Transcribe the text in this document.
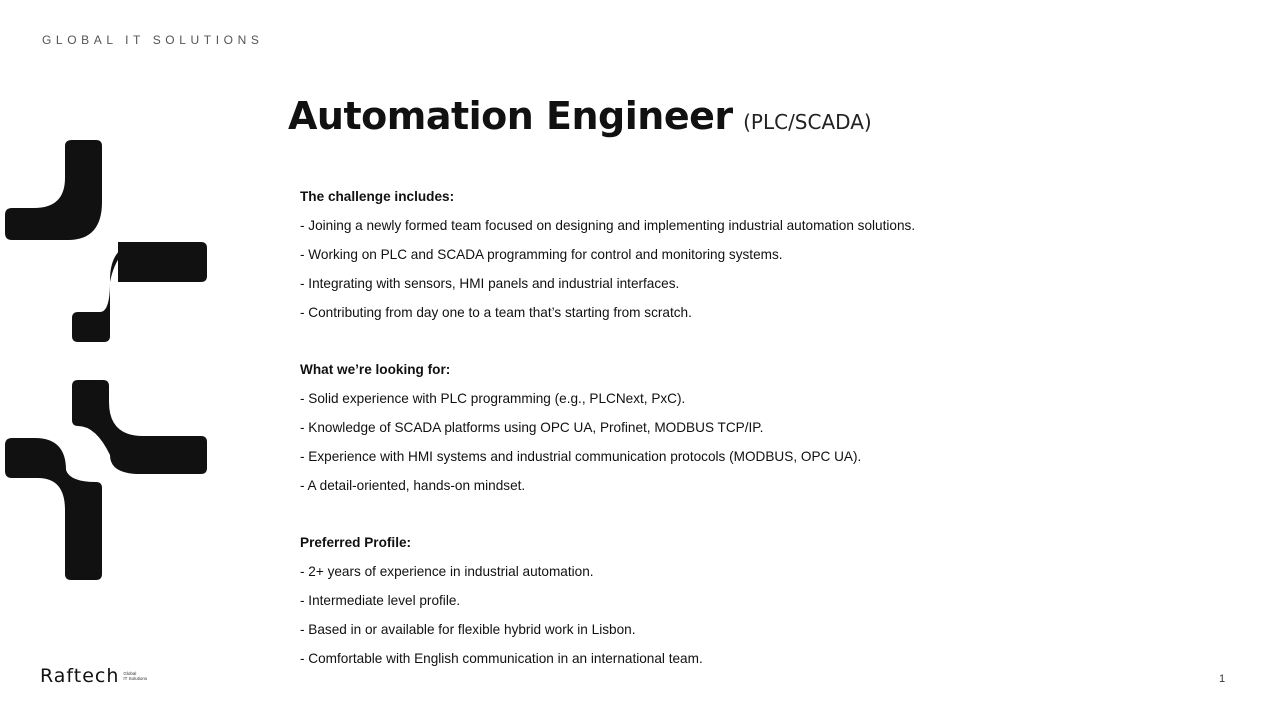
GLOBAL IT SOLUTIONS
Automation Engineer (PLC/SCADA)
The challenge includes:
- Joining a newly formed team focused on designing and implementing industrial automation solutions.
- Working on PLC and SCADA programming for control and monitoring systems.
- Integrating with sensors, HMI panels and industrial interfaces.
- Contributing from day one to a team that’s starting from scratch.
What we’re looking for:
- Solid experience with PLC programming (e.g., PLCNext, PxC).
- Knowledge of SCADA platforms using OPC UA, Profinet, MODBUS TCP/IP.
- Experience with HMI systems and industrial communication protocols (MODBUS, OPC UA).
- A detail-oriented, hands-on mindset.
Preferred Profile:
- 2+ years of experience in industrial automation.
- Intermediate level profile.
- Based in or available for flexible hybrid work in Lisbon.
- Comfortable with English communication in an international team.
Raftech Global
IT Solutions	1
